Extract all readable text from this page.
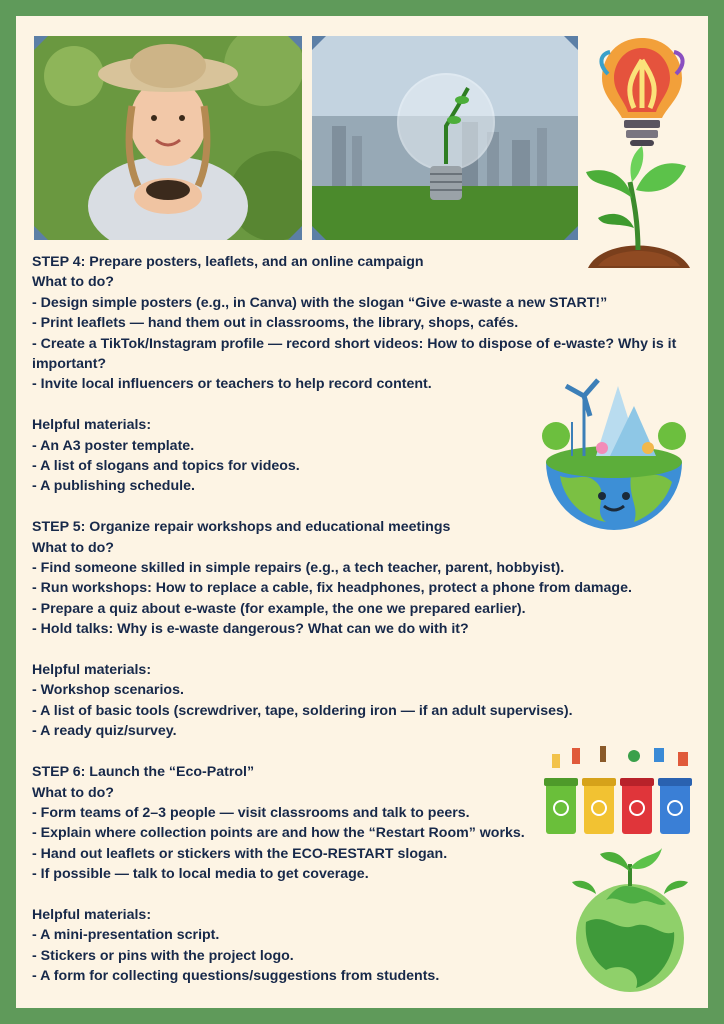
STEP 4: Prepare posters, leaflets, and an online campaign

What to do?

- Design simple posters (e.g., in Canva) with the slogan “Give e-waste a new START!”

- Print leaflets — hand them out in classrooms, the library, shops, cafés.

- Create a TikTok/Instagram profile — record short videos: How to dispose of e-waste? Why is it important?

- Invite local influencers or teachers to help record content.

Helpful materials:

- An A3 poster template.

- A list of slogans and topics for videos.

- A publishing schedule.

STEP 5: Organize repair workshops and educational meetings

What to do?

- Find someone skilled in simple repairs (e.g., a tech teacher, parent, hobbyist).

- Run workshops: How to replace a cable, fix headphones, protect a phone from damage.

- Prepare a quiz about e-waste (for example, the one we prepared earlier).

- Hold talks: Why is e-waste dangerous? What can we do with it?

Helpful materials:

- Workshop scenarios.

- A list of basic tools (screwdriver, tape, soldering iron — if an adult supervises).

- A ready quiz/survey.

STEP 6: Launch the “Eco-Patrol”

What to do?

- Form teams of 2–3 people — visit classrooms and talk to peers.

- Explain where collection points are and how the “Restart Room” works.

- Hand out leaflets or stickers with the ECO-RESTART slogan.

- If possible — talk to local media to get coverage.

Helpful materials:

- A mini-presentation script.

- Stickers or pins with the project logo.

- A form for collecting questions/suggestions from students.
